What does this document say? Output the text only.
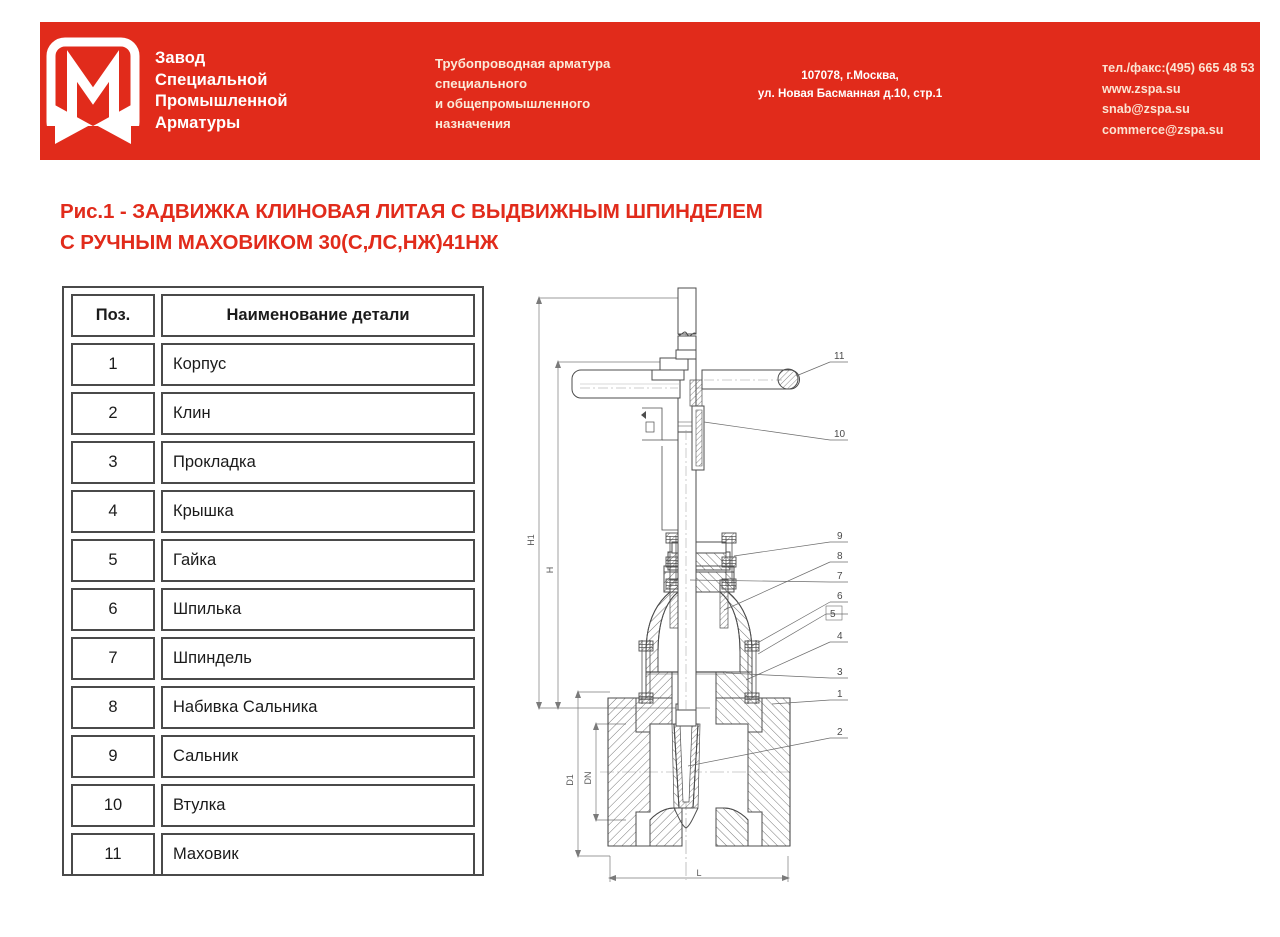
Завод
Специальной
Промышленной
Арматуры
Трубопроводная арматура
специального
и общепромышленного
назначения
107078, г.Москва,
ул. Новая Басманная д.10, стр.1
тел./факс:(495) 665 48 53
www.zspa.su
snab@zspa.su
commerce@zspa.su
Рис.1 - ЗАДВИЖКА КЛИНОВАЯ ЛИТАЯ С ВЫДВИЖНЫМ ШПИНДЕЛЕМ
С РУЧНЫМ МАХОВИКОМ 30(С,ЛС,НЖ)41НЖ
Поз.	Наименование детали
1	Корпус
2	Клин
3	Прокладка
4	Крышка
5	Гайка
6	Шпилька
7	Шпиндель
8	Набивка Сальника
9	Сальник
10	Втулка
11	Маховик
H1
H
D1 DN
L
11
10
9
8
7
6
5
4
3
1
2
